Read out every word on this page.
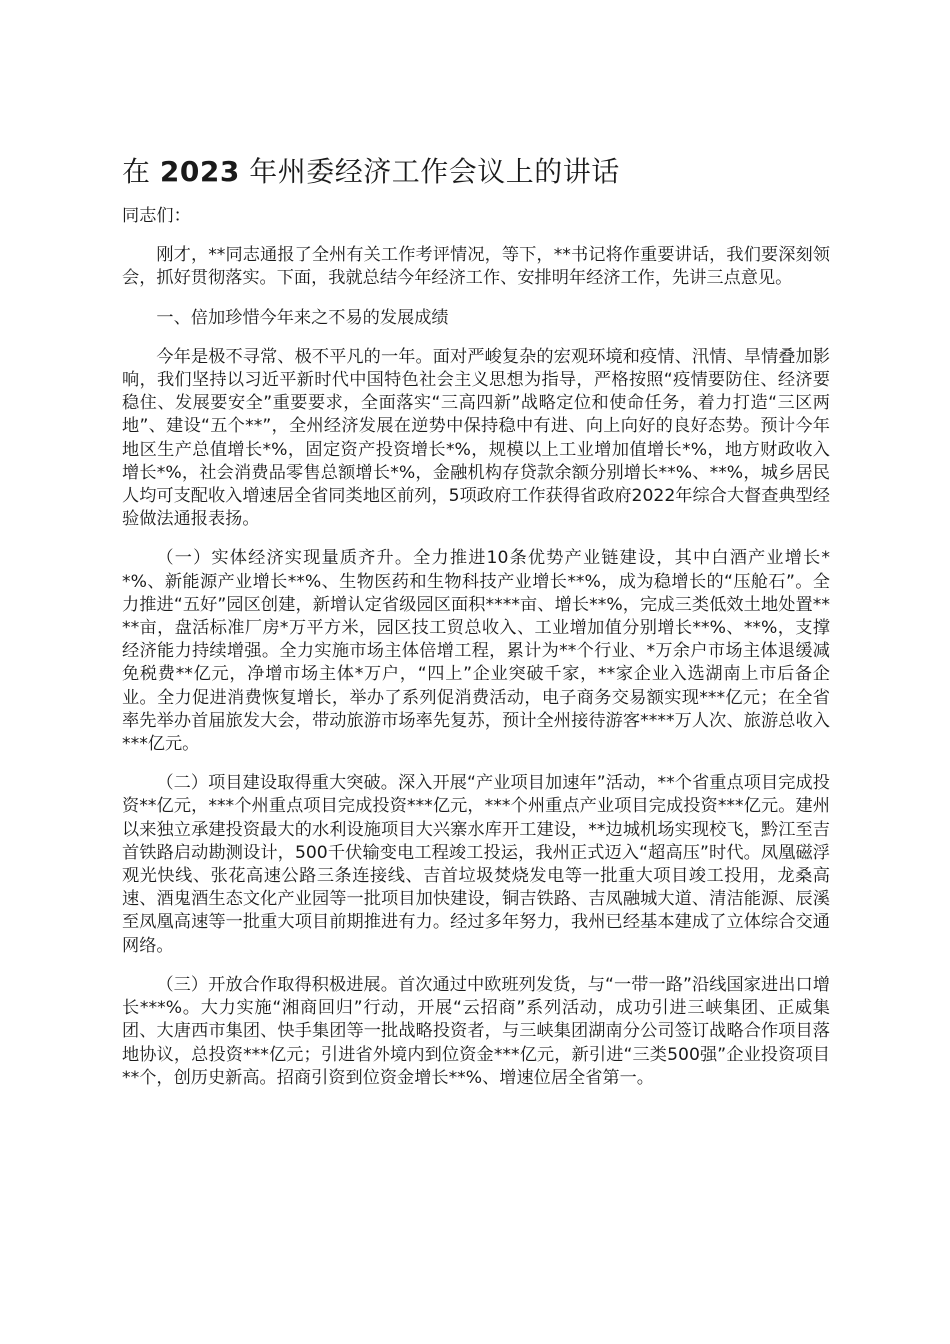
在 2023 年州委经济工作会议上的讲话

同志们：

刚才，**同志通报了全州有关工作考评情况，等下，**书记将作重要讲话，我们要深刻领会，抓好贯彻落实。下面，我就总结今年经济工作、安排明年经济工作，先讲三点意见。

一、倍加珍惜今年来之不易的发展成绩

今年是极不寻常、极不平凡的一年。面对严峻复杂的宏观环境和疫情、汛情、旱情叠加影响，我们坚持以习近平新时代中国特色社会主义思想为指导，严格按照“疫情要防住、经济要稳住、发展要安全”重要要求，全面落实“三高四新”战略定位和使命任务，着力打造“三区两地”、建设“五个**”，全州经济发展在逆势中保持稳中有进、向上向好的良好态势。预计今年地区生产总值增长*%，固定资产投资增长*%，规模以上工业增加值增长*%，地方财政收入增长*%，社会消费品零售总额增长*%，金融机构存贷款余额分别增长**%、**%，城乡居民人均可支配收入增速居全省同类地区前列，5项政府工作获得省政府2022年综合大督查典型经验做法通报表扬。

（一）实体经济实现量质齐升。全力推进10条优势产业链建设，其中白酒产业增长**%、新能源产业增长**%、生物医药和生物科技产业增长**%，成为稳增长的“压舱石”。全力推进“五好”园区创建，新增认定省级园区面积****亩、增长**%，完成三类低效土地处置****亩，盘活标准厂房*万平方米，园区技工贸总收入、工业增加值分别增长**%、**%，支撑经济能力持续增强。全力实施市场主体倍增工程，累计为**个行业、*万余户市场主体退缓减免税费**亿元，净增市场主体*万户，“四上”企业突破千家，**家企业入选湖南上市后备企业。全力促进消费恢复增长，举办了系列促消费活动，电子商务交易额实现***亿元；在全省率先举办首届旅发大会，带动旅游市场率先复苏，预计全州接待游客****万人次、旅游总收入***亿元。

（二）项目建设取得重大突破。深入开展“产业项目加速年”活动，**个省重点项目完成投资**亿元，***个州重点项目完成投资***亿元，***个州重点产业项目完成投资***亿元。建州以来独立承建投资最大的水利设施项目大兴寨水库开工建设，**边城机场实现校飞，黔江至吉首铁路启动勘测设计，500千伏输变电工程竣工投运，我州正式迈入“超高压”时代。凤凰磁浮观光快线、张花高速公路三条连接线、吉首垃圾焚烧发电等一批重大项目竣工投用，龙桑高速、酒鬼酒生态文化产业园等一批项目加快建设，铜吉铁路、吉凤融城大道、清洁能源、辰溪至凤凰高速等一批重大项目前期推进有力。经过多年努力，我州已经基本建成了立体综合交通网络。

（三）开放合作取得积极进展。首次通过中欧班列发货，与“一带一路”沿线国家进出口增长***%。大力实施“湘商回归”行动，开展“云招商”系列活动，成功引进三峡集团、正威集团、大唐西市集团、快手集团等一批战略投资者，与三峡集团湖南分公司签订战略合作项目落地协议，总投资***亿元；引进省外境内到位资金***亿元，新引进“三类500强”企业投资项目**个，创历史新高。招商引资到位资金增长**%、增速位居全省第一。
